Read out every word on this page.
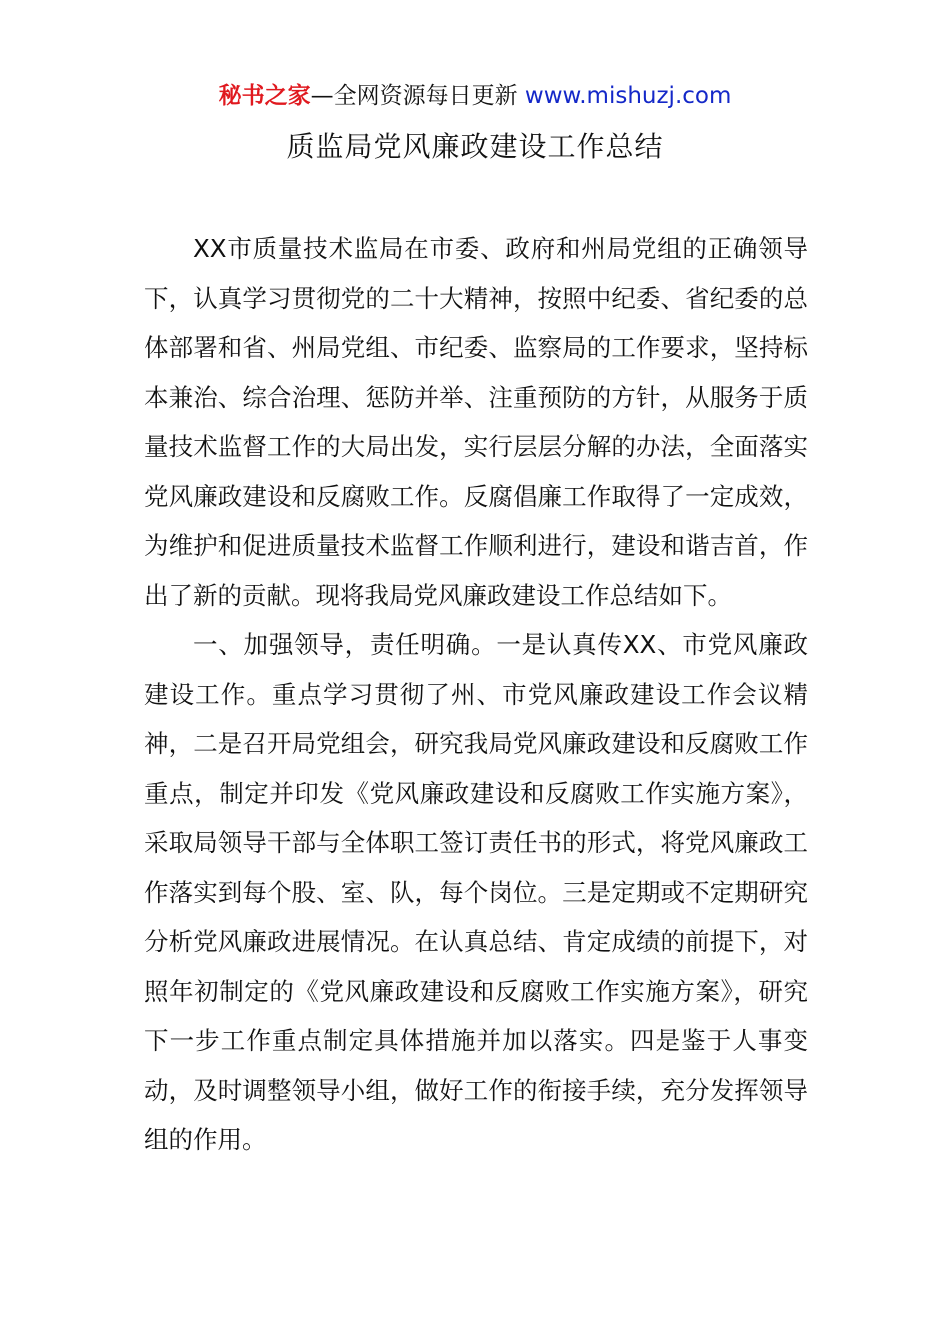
秘书之家—全网资源每日更新 www.mishuzj.com
质监局党风廉政建设工作总结

XX市质量技术监局在市委、政府和州局党组的正确领导下，认真学习贯彻党的二十大精神，按照中纪委、省纪委的总体部署和省、州局党组、市纪委、监察局的工作要求，坚持标本兼治、综合治理、惩防并举、注重预防的方针，从服务于质量技术监督工作的大局出发，实行层层分解的办法，全面落实党风廉政建设和反腐败工作。反腐倡廉工作取得了一定成效，为维护和促进质量技术监督工作顺利进行，建设和谐吉首，作出了新的贡献。现将我局党风廉政建设工作总结如下。

一、加强领导，责任明确。一是认真传XX、市党风廉政建设工作。重点学习贯彻了州、市党风廉政建设工作会议精神，二是召开局党组会，研究我局党风廉政建设和反腐败工作重点，制定并印发《党风廉政建设和反腐败工作实施方案》，采取局领导干部与全体职工签订责任书的形式，将党风廉政工作落实到每个股、室、队，每个岗位。三是定期或不定期研究分析党风廉政进展情况。在认真总结、肯定成绩的前提下，对照年初制定的《党风廉政建设和反腐败工作实施方案》，研究下一步工作重点制定具体措施并加以落实。四是鉴于人事变动，及时调整领导小组，做好工作的衔接手续，充分发挥领导组的作用。
